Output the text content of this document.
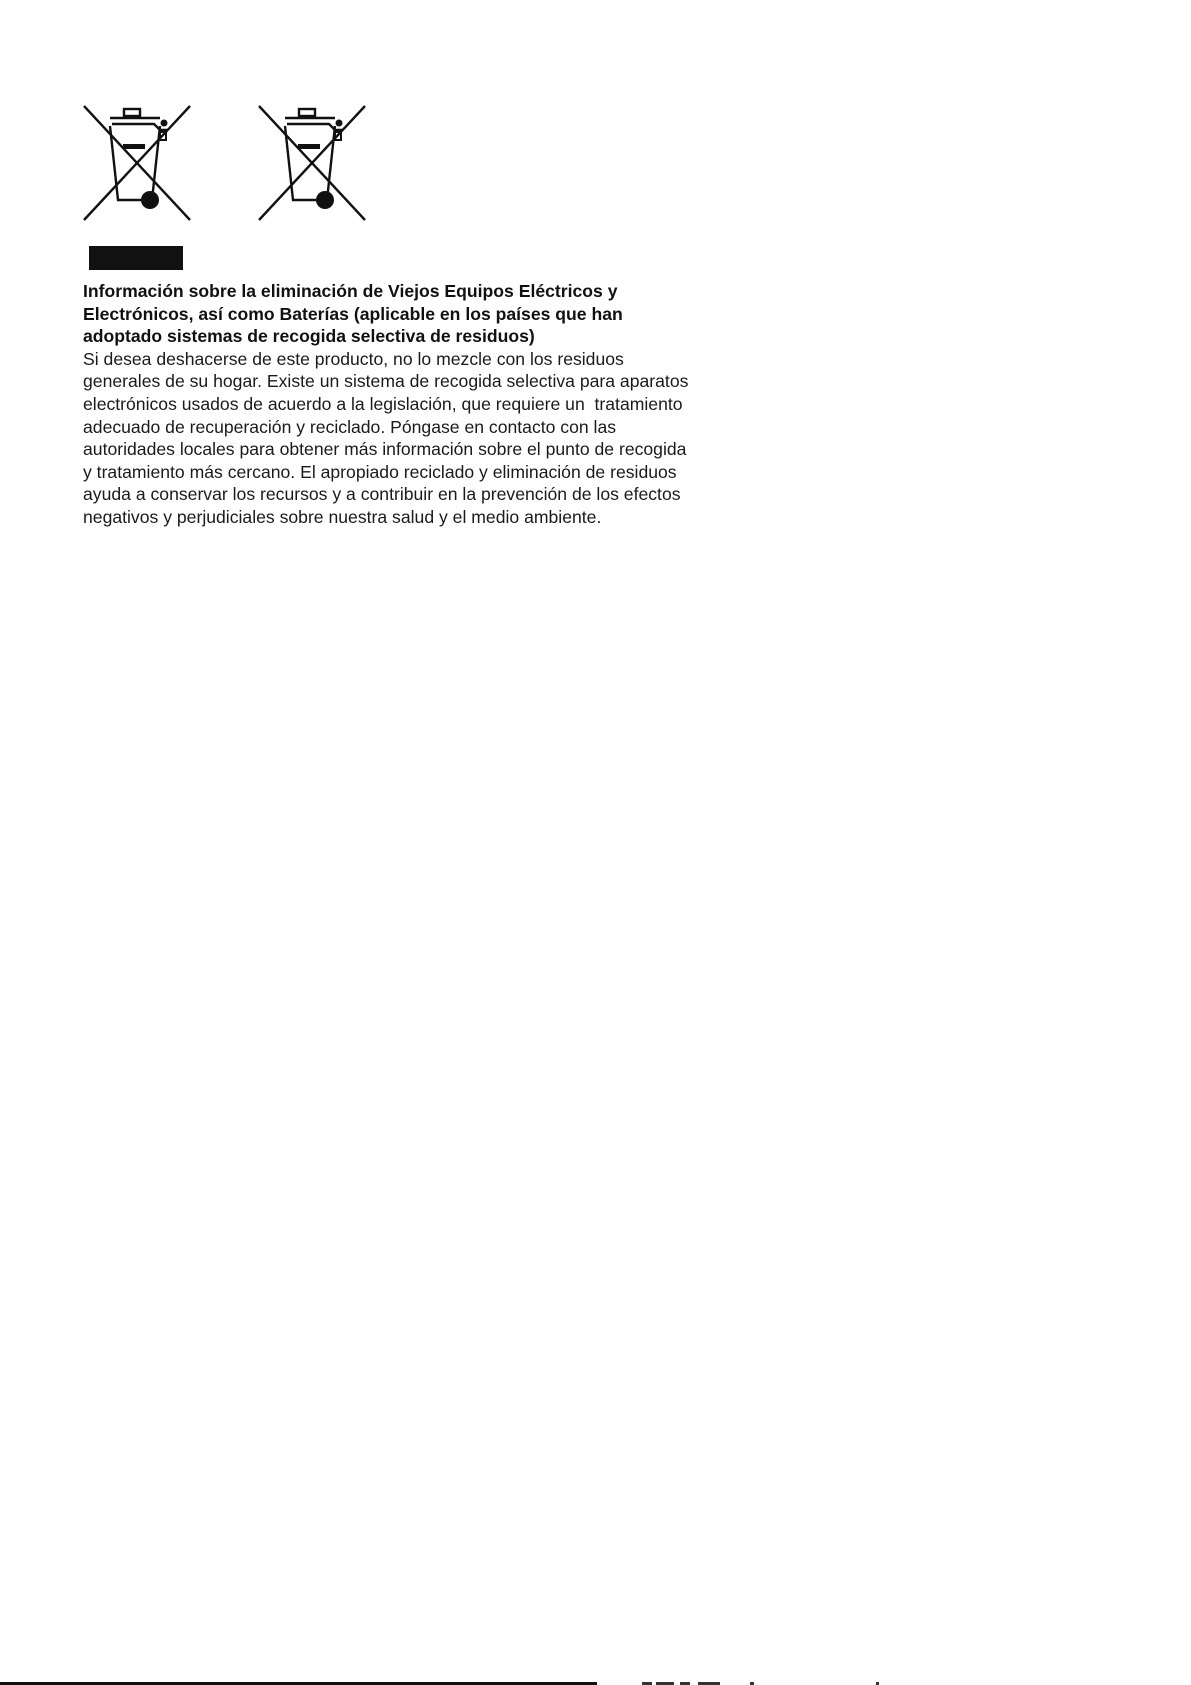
Información sobre la eliminación de Viejos Equipos Eléctricos y
Electrónicos, así como Baterías (aplicable en los países que han
adoptado sistemas de recogida selectiva de residuos)

Si desea deshacerse de este producto, no lo mezcle con los residuos
generales de su hogar. Existe un sistema de recogida selectiva para aparatos
electrónicos usados de acuerdo a la legislación, que requiere un  tratamiento
adecuado de recuperación y reciclado. Póngase en contacto con las
autoridades locales para obtener más información sobre el punto de recogida
y tratamiento más cercano. El apropiado reciclado y eliminación de residuos
ayuda a conservar los recursos y a contribuir en la prevención de los efectos
negativos y perjudiciales sobre nuestra salud y el medio ambiente.
